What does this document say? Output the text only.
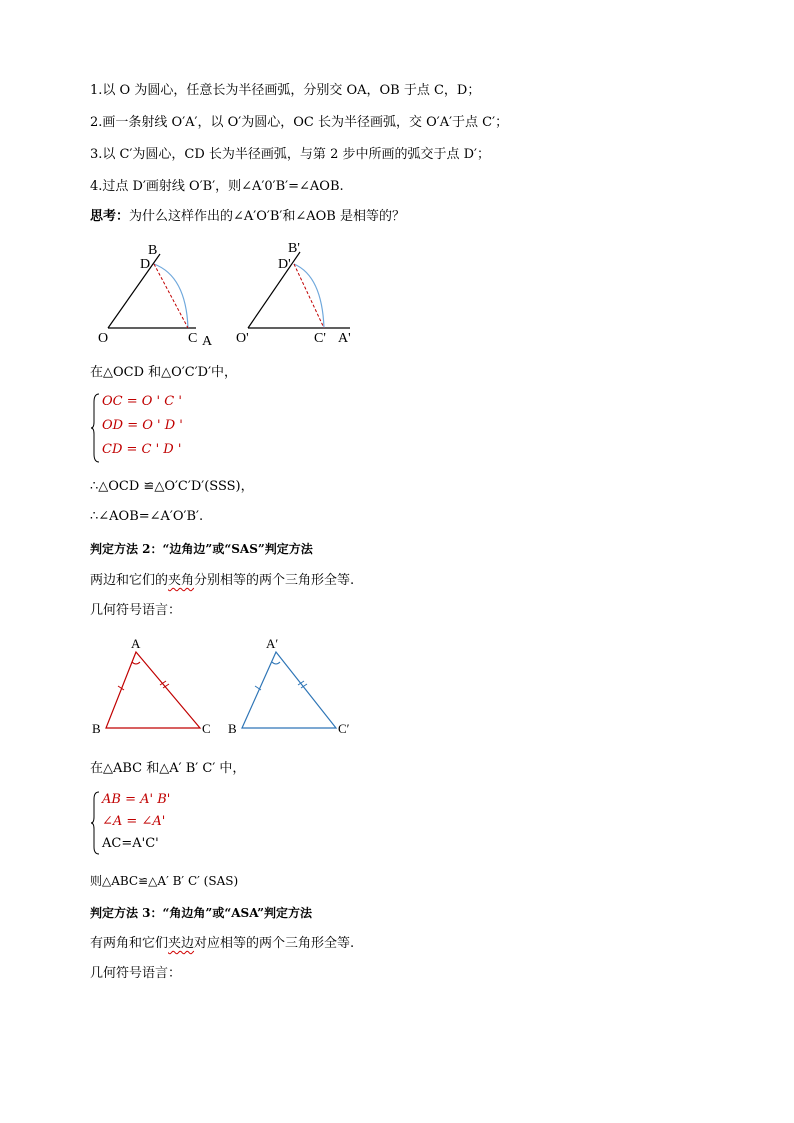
1.以 O 为圆心，任意长为半径画弧，分别交 OA，OB 于点 C，D；
2.画一条射线 O′A′，以 O′为圆心，OC 长为半径画弧，交 O′A′于点 C′；
3.以 C′为圆心，CD 长为半径画弧，与第 2 步中所画的弧交于点 D′；
4.过点 D′画射线 O′B′，则∠A′0′B′=∠AOB.
思考：为什么这样作出的∠A′O′B′和∠AOB 是相等的？
B
D
O	C A
B'
D'
O'	C' A'
在△OCD 和△O′C′D′中，
OC = O ' C '
OD = O ' D '
CD = C ' D '
∴△OCD ≌△O′C′D′(SSS)，
∴∠AOB=∠A′O′B′.
判定方法 2：“边角边”或“SAS”判定方法
两边和它们的夹角分别相等的两个三角形全等.
几何符号语言：
A
B	C
A′
B	C′
在△ABC 和△A′ B′ C′ 中，
AB = A' B'
∠A = ∠A'
AC=A'C'
则△ABC≌△A′ B′ C′ (SAS)
判定方法 3：“角边角”或“ASA”判定方法
有两角和它们夹边对应相等的两个三角形全等.
几何符号语言：
